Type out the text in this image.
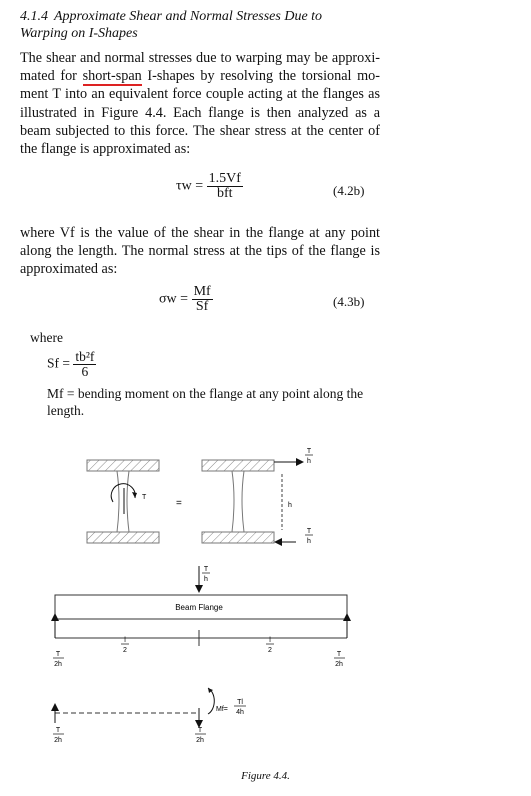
4.1.4 Approximate Shear and Normal Stresses Due to
Warping on I-Shapes
The shear and normal stresses due to warping may be approxi-mated for short-span I-shapes by resolving the torsional mo-ment T into an equivalent force couple acting at the flanges as illustrated in Figure 4.4. Each flange is then analyzed as a beam subjected to this force. The shear stress at the center of the flange is approximated as:
$\tau w = \frac{1.5Vf}{\text{bft}}$	(4.2b)
where Vf is the value of the shear in the flange at any point along the length. The normal stress at the tips of the flange is approximated as:
$\sigma w = \frac{Mf}{Sf}$	(4.3b)
where
$Sf = \frac{\text{tb²f}}{6}$
Mf = bending moment on the flange at any point along the length.
T
=	h
T
h
T
h
T
h
Beam Flange
l
2
l
2
T
2h
T
2h
Mf=
Tl
4h
T
2h
T
2h
Figure 4.4.
